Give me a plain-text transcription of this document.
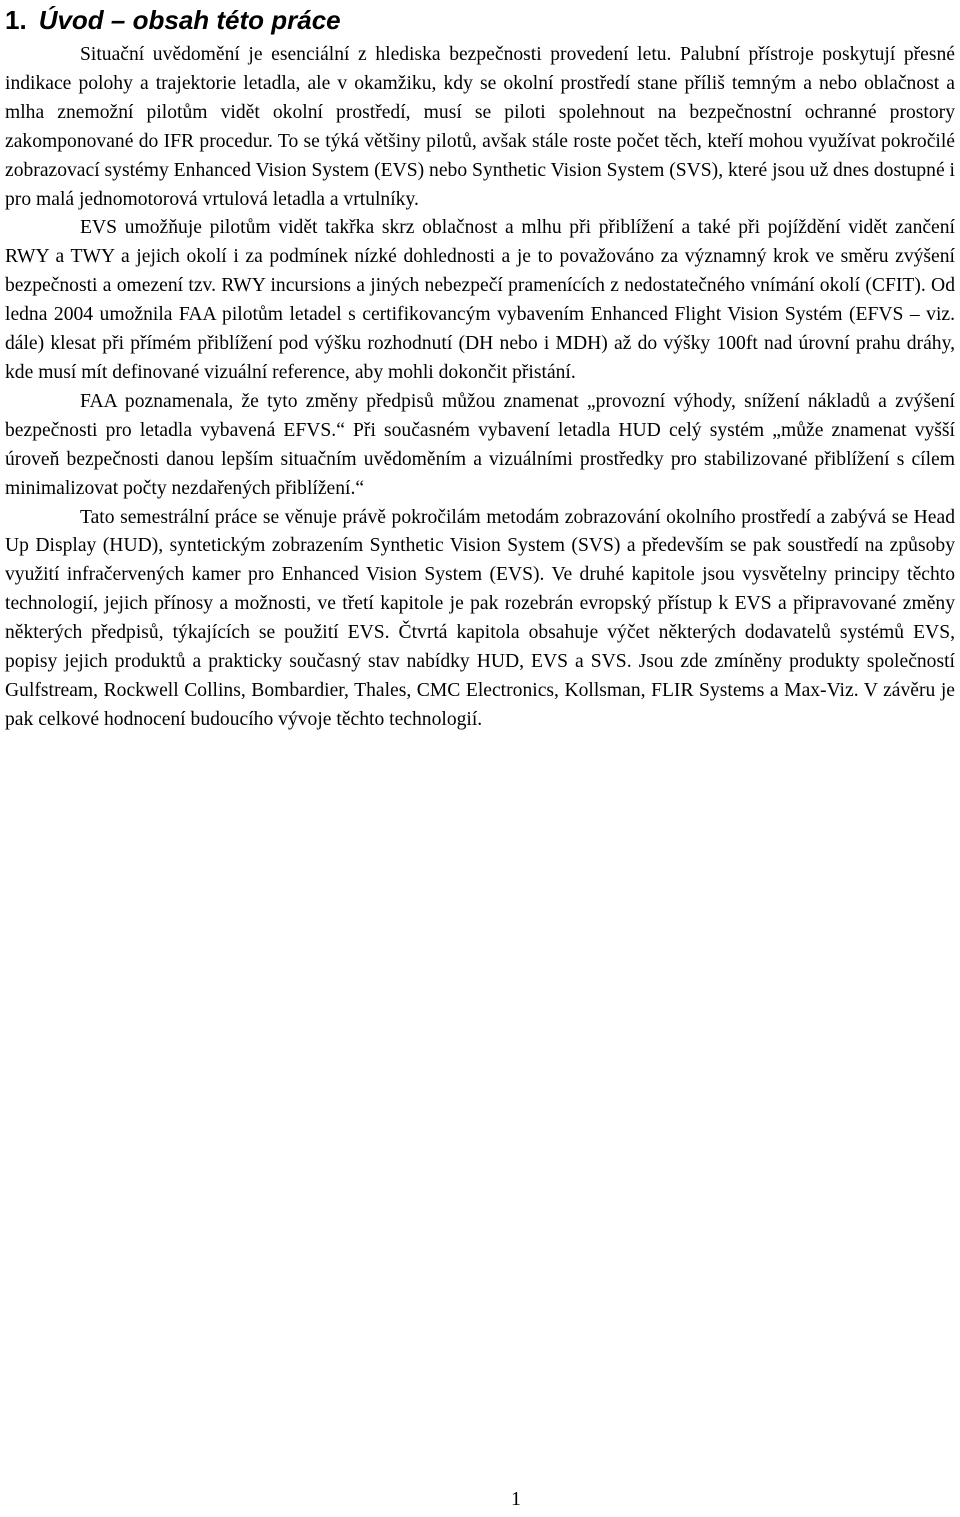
1. Úvod – obsah této práce

Situační uvědomění je esenciální z hlediska bezpečnosti provedení letu. Palubní přístroje poskytují přesné indikace polohy a trajektorie letadla, ale v okamžiku, kdy se okolní prostředí stane příliš temným a nebo oblačnost a mlha znemožní pilotům vidět okolní prostředí, musí se piloti spolehnout na bezpečnostní ochranné prostory zakomponované do IFR procedur. To se týká většiny pilotů, avšak stále roste počet těch, kteří mohou využívat pokročilé zobrazovací systémy Enhanced Vision System (EVS) nebo Synthetic Vision System (SVS), které jsou už dnes dostupné i pro malá jednomotorová vrtulová letadla a vrtulníky.

EVS umožňuje pilotům vidět takřka skrz oblačnost a mlhu při přiblížení a také při pojíždění vidět zančení RWY a TWY a jejich okolí i za podmínek nízké dohlednosti a je to považováno za významný krok ve směru zvýšení bezpečnosti a omezení tzv. RWY incursions a jiných nebezpečí pramenících z nedostatečného vnímání okolí (CFIT). Od ledna 2004 umožnila FAA pilotům letadel s certifikovancým vybavením Enhanced Flight Vision Systém (EFVS – viz. dále) klesat při přímém přiblížení pod výšku rozhodnutí (DH nebo i MDH) až do výšky 100ft nad úrovní prahu dráhy, kde musí mít definované vizuální reference, aby mohli dokončit přistání.

FAA poznamenala, že tyto změny předpisů můžou znamenat „provozní výhody, snížení nákladů a zvýšení bezpečnosti pro letadla vybavená EFVS.“ Při současném vybavení letadla HUD celý systém „může znamenat vyšší úroveň bezpečnosti danou lepším situačním uvědoměním a vizuálními prostředky pro stabilizované přiblížení s cílem minimalizovat počty nezdařených přiblížení.“

Tato semestrální práce se věnuje právě pokročilám metodám zobrazování okolního prostředí a zabývá se Head Up Display (HUD), syntetickým zobrazením Synthetic Vision System (SVS) a především se pak soustředí na způsoby využití infračervených kamer pro Enhanced Vision System (EVS). Ve druhé kapitole jsou vysvětelny principy těchto technologií, jejich přínosy a možnosti, ve třetí kapitole je pak rozebrán evropský přístup k EVS a připravované změny některých předpisů, týkajících se použití EVS. Čtvrtá kapitola obsahuje výčet některých dodavatelů systémů EVS, popisy jejich produktů a prakticky současný stav nabídky HUD, EVS a SVS. Jsou zde zmíněny produkty společností Gulfstream, Rockwell Collins, Bombardier, Thales, CMC Electronics, Kollsman, FLIR Systems a Max-Viz. V závěru je pak celkové hodnocení budoucího vývoje těchto technologií.

1
